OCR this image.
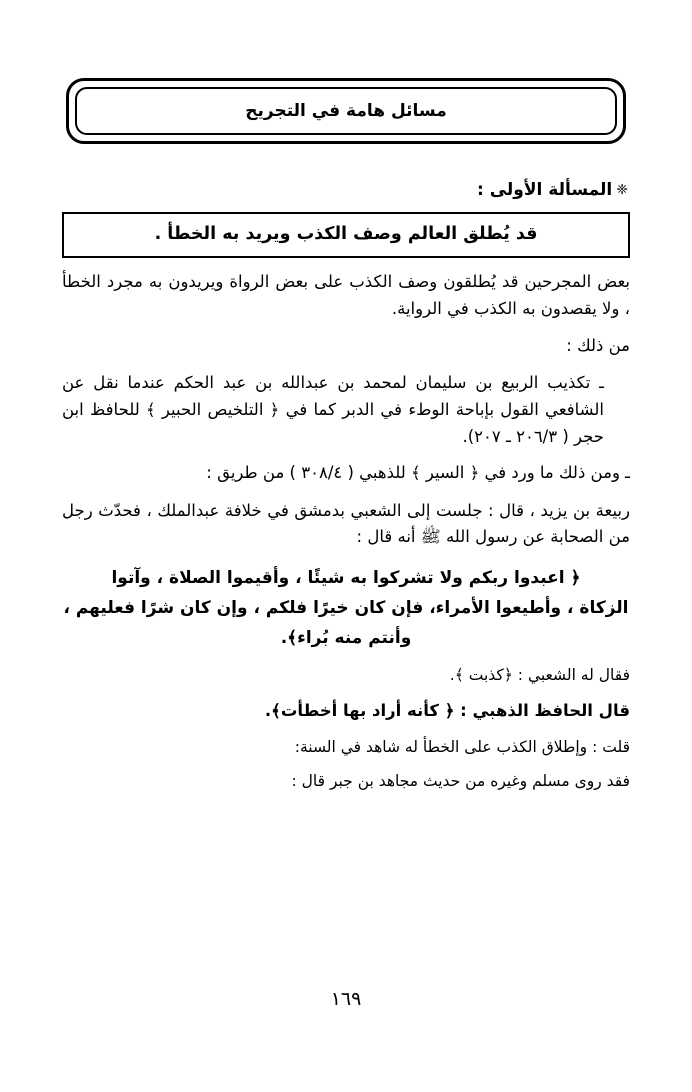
مسائل هامة في التجريح
❈المسألة الأولى :
قد يُطلق العالم وصف الكذب ويريد به الخطأ .

بعض المجرحين قد يُطلقون وصف الكذب على بعض الرواة ويريدون به مجرد الخطأ ، ولا يقصدون به الكذب في الرواية.

من ذلك :

ـ تكذيب الربيع بن سليمان لمحمد بن عبدالله بن عبد الحكم عندما نقل عن الشافعي القول بإباحة الوطء في الدبر كما في ﴿ التلخيص الحبير ﴾ للحافظ ابن حجر ( ٢٠٦/٣ ـ ٢٠٧).

ـ ومن ذلك ما ورد في ﴿ السير ﴾ للذهبي ( ٣٠٨/٤ ) من طريق :

ربيعة بن يزيد ، قال : جلست إلى الشعبي بدمشق في خلافة عبدالملك ، فحدّث رجل من الصحابة عن رسول الله ﷺ أنه قال :

﴿ اعبدوا ربكم ولا تشركوا به شيئًا ، وأقيموا الصلاة ، وآتوا
الزكاة ، وأطيعوا الأمراء، فإن كان خيرًا فلكم ، وإن كان شرًا فعليهم ،
وأنتم منه بُراء﴾.

فقال له الشعبي : ﴿كذبت ﴾.

قال الحافظ الذهبي : ﴿ كأنه أراد بها أخطأت﴾.

قلت : وإطلاق الكذب على الخطأ له شاهد في السنة:

فقد روى مسلم وغيره من حديث مجاهد بن جبر قال :

١٦٩
